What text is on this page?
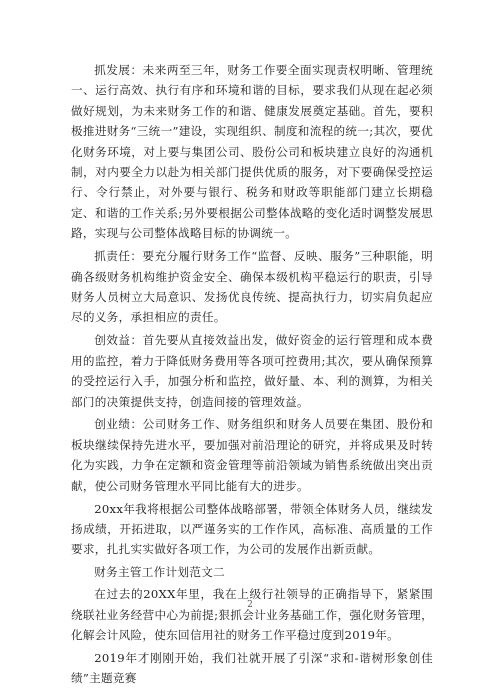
抓发展：未来两至三年，财务工作要全面实现责权明晰、管理统一、运行高效、执行有序和环境和谐的目标，要求我们从现在起必须做好规划，为未来财务工作的和谐、健康发展奠定基础。首先，要积极推进财务“三统一”建设，实现组织、制度和流程的统一;其次，要优化财务环境，对上要与集团公司、股份公司和板块建立良好的沟通机制，对内要全力以赴为相关部门提供优质的服务，对下要确保受控运行、令行禁止，对外要与银行、税务和财政等职能部门建立长期稳定、和谐的工作关系;另外要根据公司整体战略的变化适时调整发展思路，实现与公司整体战略目标的协调统一。

抓责任：要充分履行财务工作“监督、反映、服务”三种职能，明确各级财务机构维护资金安全、确保本级机构平稳运行的职责，引导财务人员树立大局意识、发扬优良传统、提高执行力，切实肩负起应尽的义务，承担相应的责任。

创效益：首先要从直接效益出发，做好资金的运行管理和成本费用的监控，着力于降低财务费用等各项可控费用;其次，要从确保预算的受控运行入手，加强分析和监控，做好量、本、利的测算，为相关部门的决策提供支持，创造间接的管理效益。

创业绩：公司财务工作、财务组织和财务人员要在集团、股份和板块继续保持先进水平，要加强对前沿理论的研究，并将成果及时转化为实践，力争在定额和资金管理等前沿领域为销售系统做出突出贡献，使公司财务管理水平同比能有大的进步。

20xx年我将根据公司整体战略部署，带领全体财务人员，继续发扬成绩，开拓进取，以严谨务实的工作作风，高标准、高质量的工作要求，扎扎实实做好各项工作，为公司的发展作出新贡献。

财务主管工作计划范文二

在过去的20XX年里，我在上级行社领导的正确指导下，紧紧围绕联社业务经营中心为前提;狠抓会计业务基础工作，强化财务管理，化解会计风险，使东回信用社的财务工作平稳过度到2019年。

2019年才刚刚开始，我们社就开展了引深“求和-谐树形象创佳绩”主题竞赛

2
